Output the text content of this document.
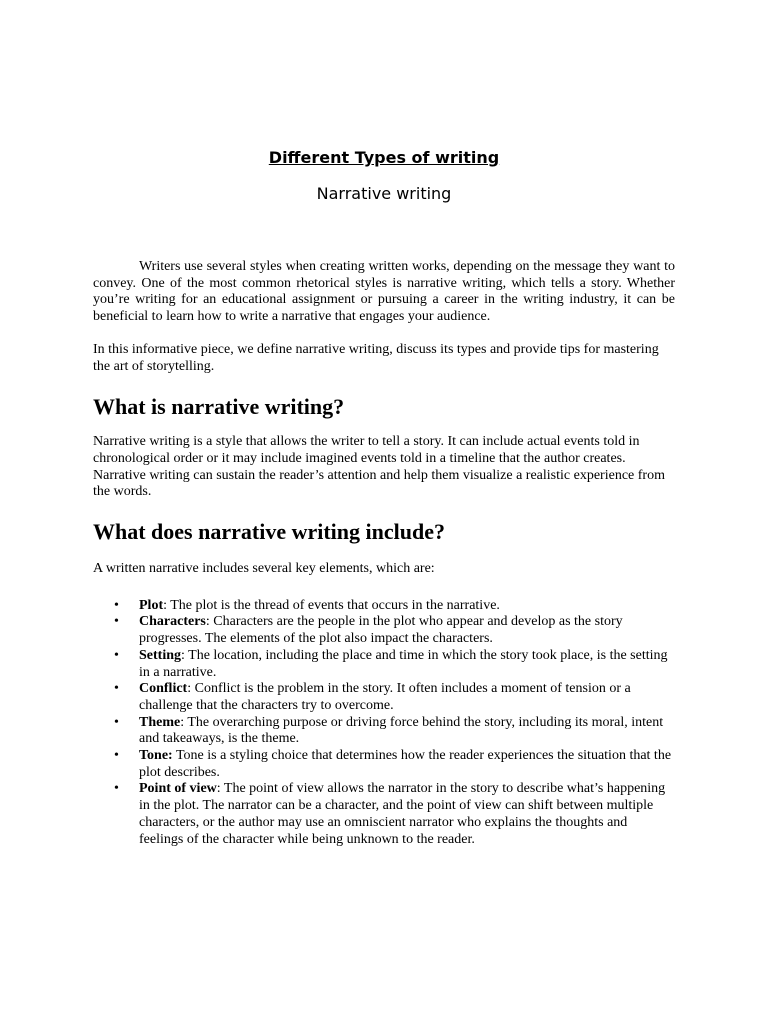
Different Types of writing
Narrative writing

Writers use several styles when creating written works, depending on the message they want to convey. One of the most common rhetorical styles is narrative writing, which tells a story. Whether you’re writing for an educational assignment or pursuing a career in the writing industry, it can be beneficial to learn how to write a narrative that engages your audience.

In this informative piece, we define narrative writing, discuss its types and provide tips for mastering the art of storytelling.

What is narrative writing?

Narrative writing is a style that allows the writer to tell a story. It can include actual events told in chronological order or it may include imagined events told in a timeline that the author creates. Narrative writing can sustain the reader’s attention and help them visualize a realistic experience from the words.

What does narrative writing include?

A written narrative includes several key elements, which are:

• Plot: The plot is the thread of events that occurs in the narrative.
• Characters: Characters are the people in the plot who appear and develop as the story progresses. The elements of the plot also impact the characters.
• Setting: The location, including the place and time in which the story took place, is the setting in a narrative.
• Conflict: Conflict is the problem in the story. It often includes a moment of tension or a challenge that the characters try to overcome.
• Theme: The overarching purpose or driving force behind the story, including its moral, intent and takeaways, is the theme.
• Tone: Tone is a styling choice that determines how the reader experiences the situation that the plot describes.
• Point of view: The point of view allows the narrator in the story to describe what’s happening in the plot. The narrator can be a character, and the point of view can shift between multiple characters, or the author may use an omniscient narrator who explains the thoughts and feelings of the character while being unknown to the reader.
